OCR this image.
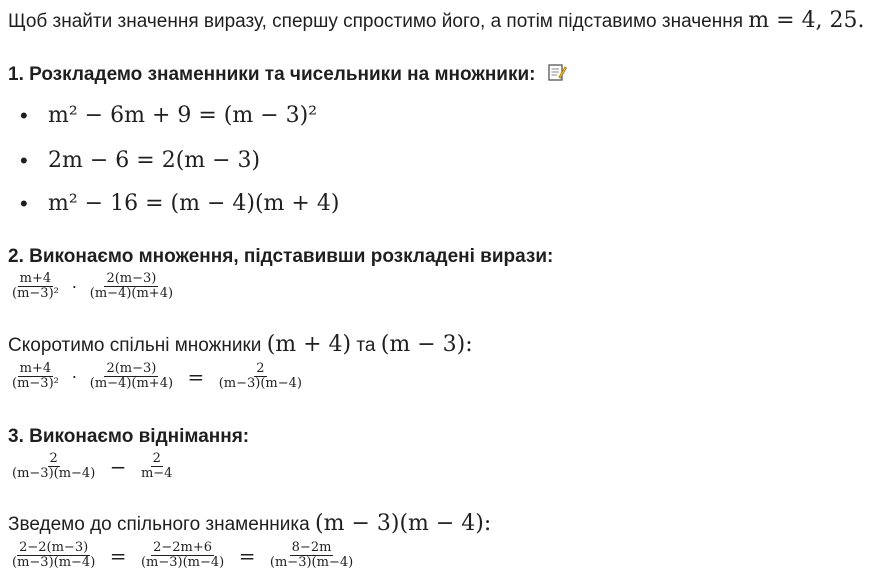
Щоб знайти значення виразу, спершу спростимо його, а потім підставимо значення m = 4, 25.
1. Розкладемо знаменники та чисельники на множники:
• m² − 6m + 9 = (m − 3)²
• 2m − 6 = 2(m − 3)
• m² − 16 = (m − 4)(m + 4)
2. Виконаємо множення, підставивши розкладені вирази:
$\frac{m+4}{\text{(m−3)²}} \cdot \frac{2(m-3)}{(m-4)(m+4)}$
Скоротимо спільні множники (m + 4) та (m − 3):
$\frac{m+4}{\text{(m−3)²}} \cdot \frac{2(m-3)}{(m-4)(m+4)} = \frac{2}{(m-3)(m-4)}$
3. Виконаємо віднімання:
$\frac{2}{(m-3)(m-4)} - \frac{2}{m-4}$
Зведемо до спільного знаменника (m − 3)(m − 4):
$\frac{2-2(m-3)}{(m-3)(m-4)} = \frac{2-2m+6}{(m-3)(m-4)} = \frac{8-2m}{(m-3)(m-4)}$
